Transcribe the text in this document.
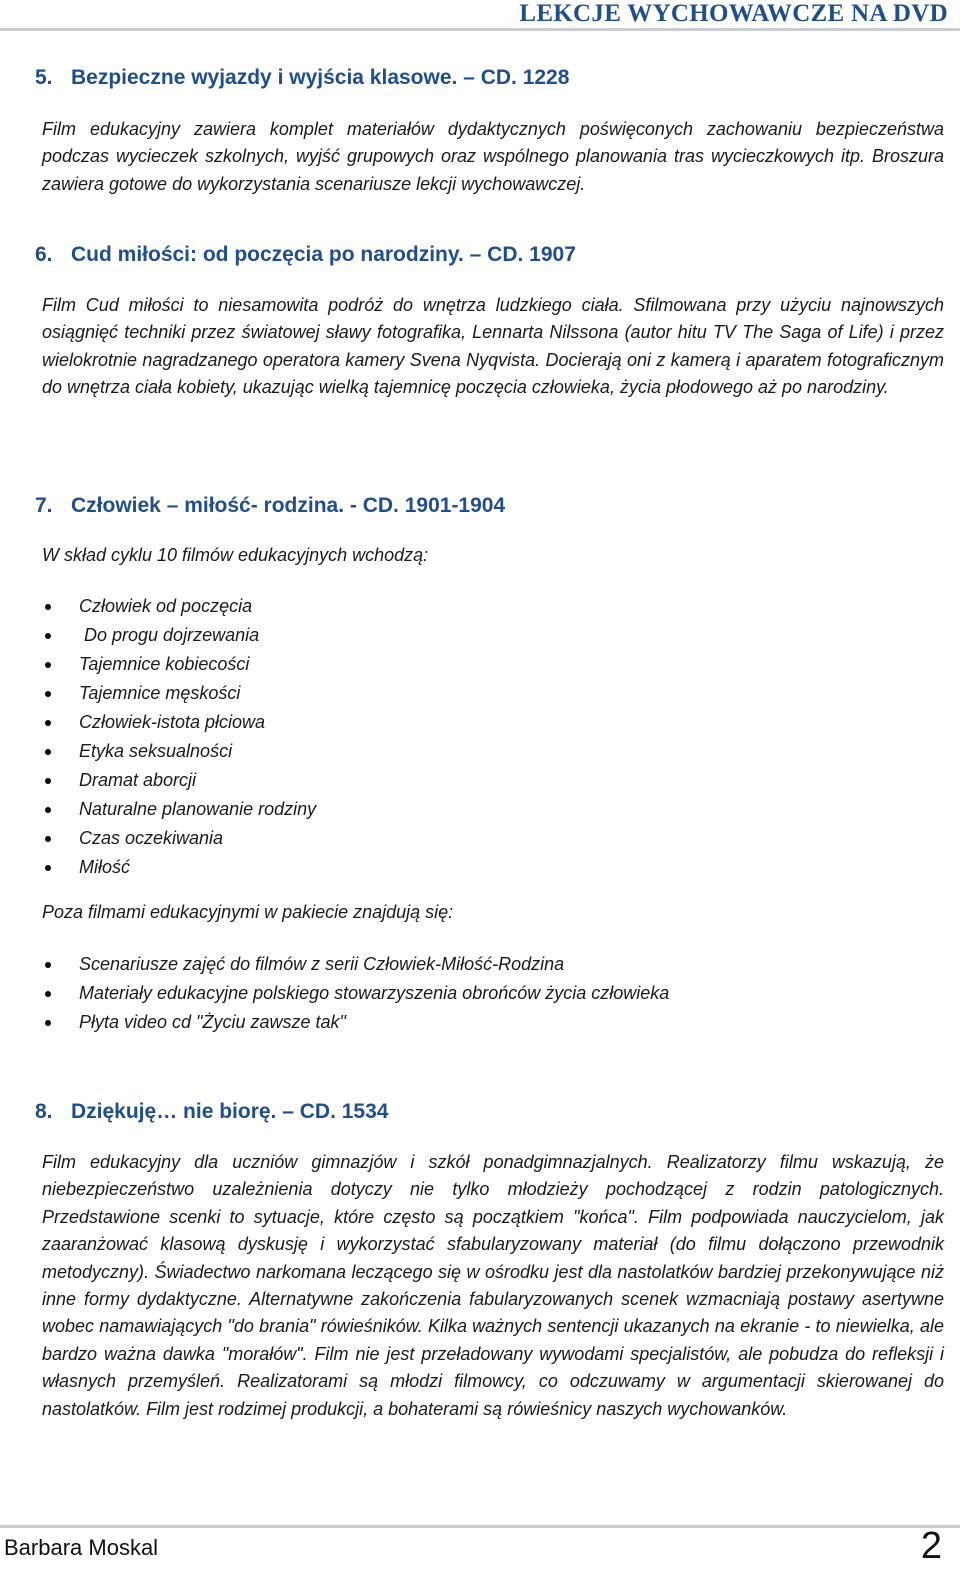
LEKCJE WYCHOWAWCZE NA DVD
5. Bezpieczne wyjazdy i wyjścia klasowe. – CD. 1228

Film edukacyjny zawiera komplet materiałów dydaktycznych poświęconych zachowaniu bezpieczeństwa podczas wycieczek szkolnych, wyjść grupowych oraz wspólnego planowania tras wycieczkowych itp. Broszura zawiera gotowe do wykorzystania scenariusze lekcji wychowawczej.

6. Cud miłości: od poczęcia po narodziny. – CD. 1907

Film Cud miłości to niesamowita podróż do wnętrza ludzkiego ciała. Sfilmowana przy użyciu najnowszych osiągnięć techniki przez światowej sławy fotografika, Lennarta Nilssona (autor hitu TV The Saga of Life) i przez wielokrotnie nagradzanego operatora kamery Svena Nyqvista. Docierają oni z kamerą i aparatem fotograficznym do wnętrza ciała kobiety, ukazując wielką tajemnicę poczęcia człowieka, życia płodowego aż po narodziny.

7. Człowiek – miłość- rodzina. - CD. 1901-1904

W skład cyklu 10 filmów edukacyjnych wchodzą:

Człowiek od poczęcia
Do progu dojrzewania
Tajemnice kobiecości
Tajemnice męskości
Człowiek-istota płciowa
Etyka seksualności
Dramat aborcji
Naturalne planowanie rodziny
Czas oczekiwania
Miłość

Poza filmami edukacyjnymi w pakiecie znajdują się:

Scenariusze zajęć do filmów z serii Człowiek-Miłość-Rodzina
Materiały edukacyjne polskiego stowarzyszenia obrońców życia człowieka
Płyta video cd "Życiu zawsze tak"
8. Dziękuję… nie biorę. – CD. 1534

Film edukacyjny dla uczniów gimnazjów i szkół ponadgimnazjalnych. Realizatorzy filmu wskazują, że niebezpieczeństwo uzależnienia dotyczy nie tylko młodzieży pochodzącej z rodzin patologicznych. Przedstawione scenki to sytuacje, które często są początkiem "końca". Film podpowiada nauczycielom, jak zaaranżować klasową dyskusję i wykorzystać sfabularyzowany materiał (do filmu dołączono przewodnik metodyczny). Świadectwo narkomana leczącego się w ośrodku jest dla nastolatków bardziej przekonywujące niż inne formy dydaktyczne. Alternatywne zakończenia fabularyzowanych scenek wzmacniają postawy asertywne wobec namawiających "do brania" rówieśników. Kilka ważnych sentencji ukazanych na ekranie - to niewielka, ale bardzo ważna dawka "morałów". Film nie jest przeładowany wywodami specjalistów, ale pobudza do refleksji i własnych przemyśleń. Realizatorami są młodzi filmowcy, co odczuwamy w argumentacji skierowanej do nastolatków. Film jest rodzimej produkcji, a bohaterami są rówieśnicy naszych wychowanków.

Barbara Moskal	2
